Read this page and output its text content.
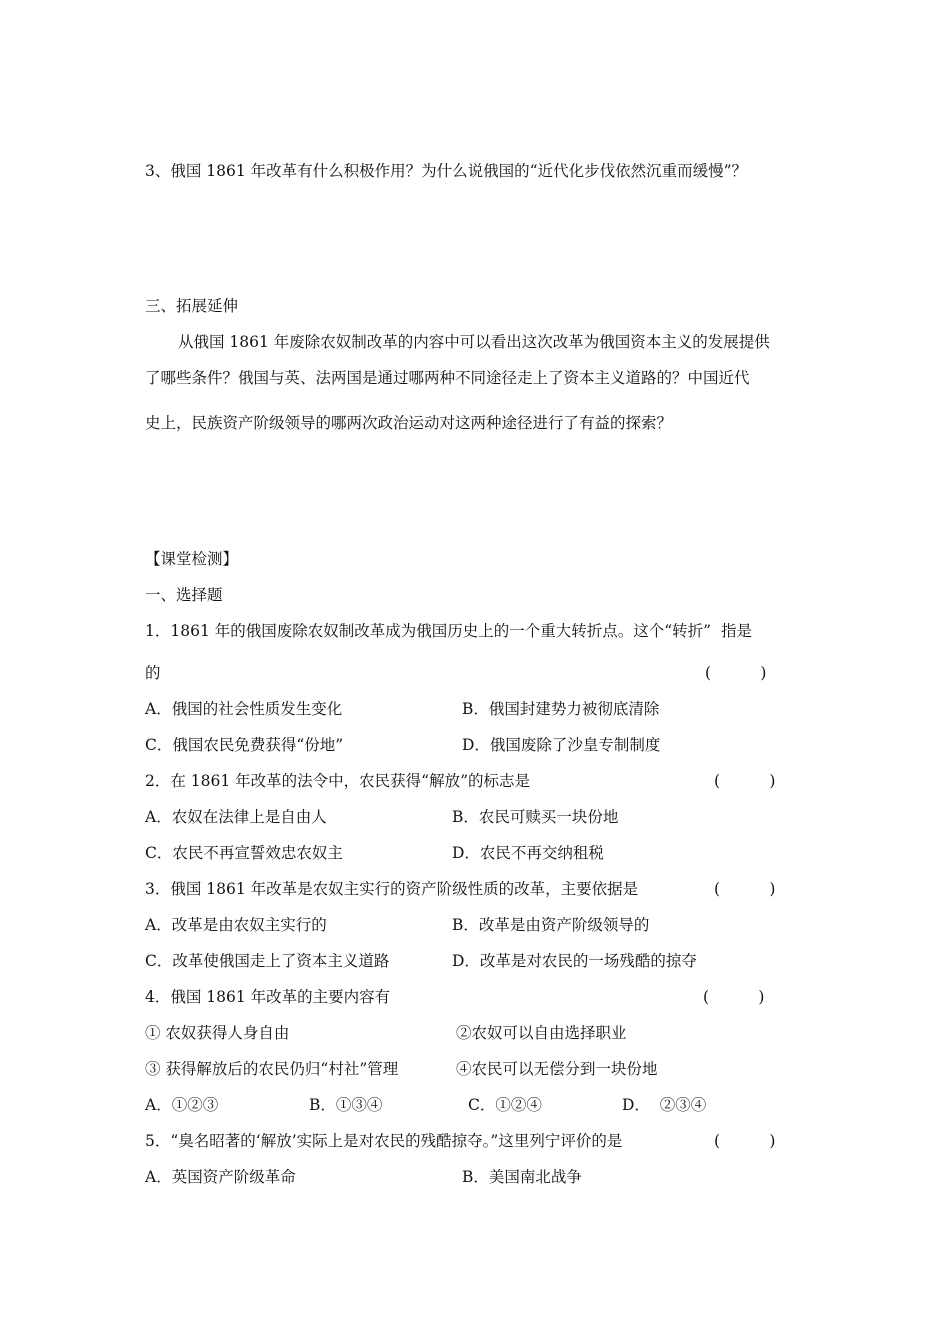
3、俄国 1861 年改革有什么积极作用？为什么说俄国的“近代化步伐依然沉重而缓慢”？
三、拓展延伸
从俄国 1861 年废除农奴制改革的内容中可以看出这次改革为俄国资本主义的发展提供
了哪些条件？俄国与英、法两国是通过哪两种不同途径走上了资本主义道路的？中国近代
史上，民族资产阶级领导的哪两次政治运动对这两种途径进行了有益的探索？
【课堂检测】
一、选择题
1．1861 年的俄国废除农奴制改革成为俄国历史上的一个重大转折点。这个“转折”  指是
的	(          )
A．俄国的社会性质发生变化	B．俄国封建势力被彻底清除
C．俄国农民免费获得“份地”	D．俄国废除了沙皇专制制度
2．在 1861 年改革的法令中，农民获得“解放”的标志是	(          )
A．农奴在法律上是自由人	B．农民可赎买一块份地
C．农民不再宣誓效忠农奴主	D．农民不再交纳租税
3．俄国 1861 年改革是农奴主实行的资产阶级性质的改革，主要依据是	(          )
A．改革是由农奴主实行的	B．改革是由资产阶级领导的
C．改革使俄国走上了资本主义道路	D．改革是对农民的一场残酷的掠夺
4．俄国 1861 年改革的主要内容有	(          )
① 农奴获得人身自由	②农奴可以自由选择职业
③ 获得解放后的农民仍归“村社”管理	④农民可以无偿分到一块份地
A．①②③	B．①③④	C．①②④	D．  ②③④
5．“臭名昭著的‘解放’实际上是对农民的残酷掠夺。”这里列宁评价的是	(          )
A．英国资产阶级革命	B．美国南北战争
